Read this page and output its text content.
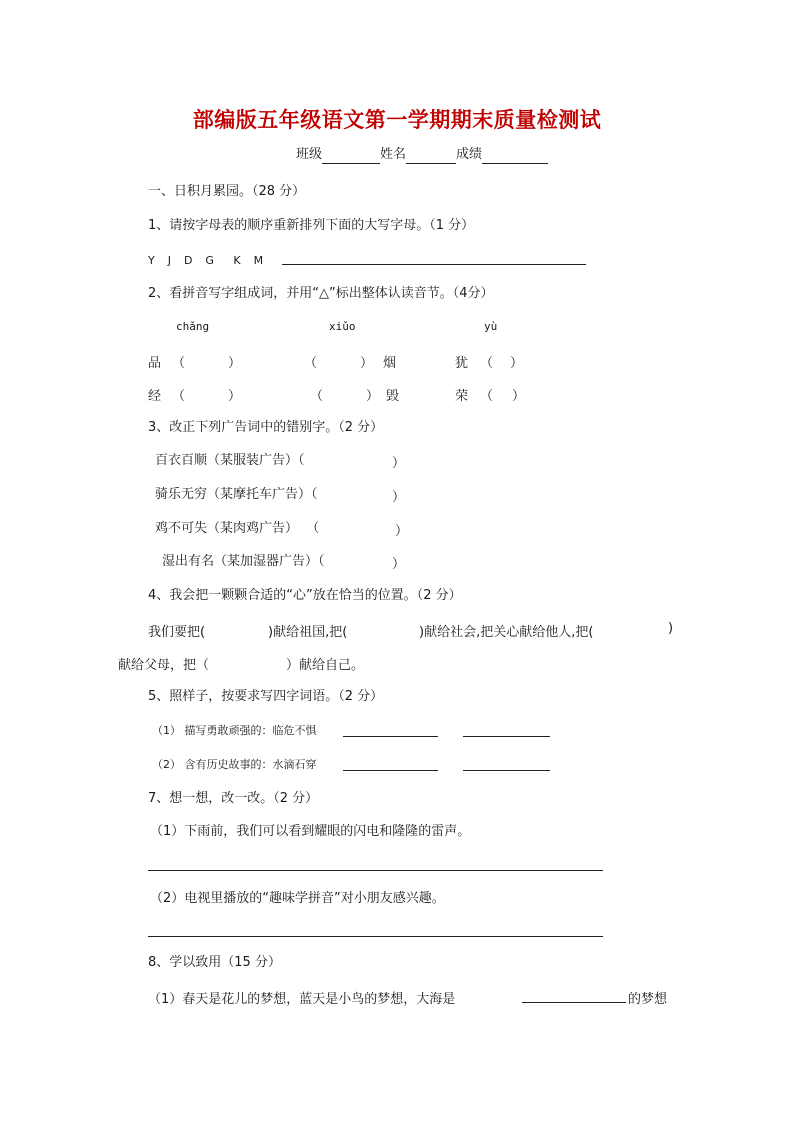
部编版五年级语文第一学期期末质量检测试
班级	姓名	成绩
一、日积月累园。（28 分）
1、请按字母表的顺序重新排列下面的大写字母。（1 分）
Y  J  D  G   K  M
2、看拼音写字组成词，并用“△”标出整体认读音节。（4分）
chǎng	xiǔo	yù
品 （	）	（	） 烟	犹 （ ）
经 （	）	（	） 毁	荣 （ ）
3、改正下列广告词中的错别字。（2 分）
百衣百顺（某服装广告）（	）
骑乐无穷（某摩托车广告）（	）
鸡不可失（某肉鸡广告）  （	）
湿出有名（某加湿器广告）（	）
4、我会把一颗颗合适的“心”放在恰当的位置。（2 分）
我们要把(	)献给祖国,把(	)献给社会,把关心献给他人,把(	)
献给父母，把（	）献给自己。
5、照样子，按要求写四字词语。（2 分）
（1） 描写勇敢顽强的：临危不惧
（2） 含有历史故事的：水滴石穿
7、想一想，改一改。（2 分）
（1）下雨前，我们可以看到耀眼的闪电和隆隆的雷声。
（2）电视里播放的“趣味学拼音”对小朋友感兴趣。
8、学以致用（15 分）
（1）春天是花儿的梦想，蓝天是小鸟的梦想，大海是	的梦想
